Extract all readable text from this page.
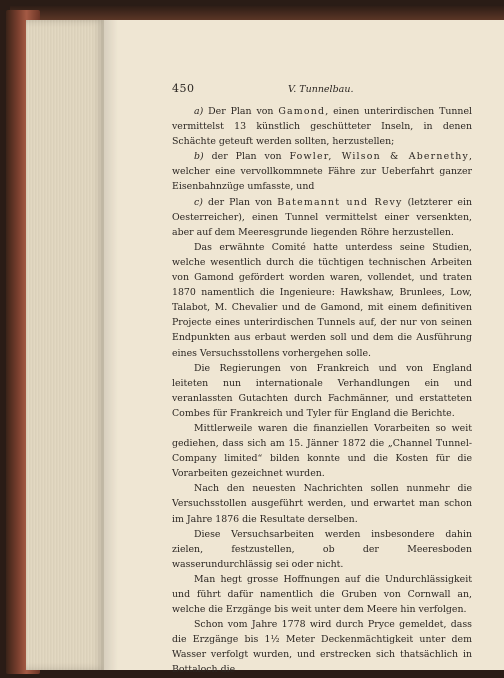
450	V. Tunnelbau.

a) Der Plan von Gamond, einen unterirdischen Tunnel vermittelst 13 künstlich geschütteter Inseln, in denen Schächte geteuft werden sollten, herzustellen;

b) der Plan von Fowler, Wilson & Abernethy, welcher eine vervollkommnete Fähre zur Ueberfahrt ganzer Eisenbahnzüge umfasste, und

c) der Plan von Batemannt und Revy (letzterer ein Oesterreicher), einen Tunnel vermittelst einer versenkten, aber auf dem Meeresgrunde liegenden Röhre herzustellen.

Das erwähnte Comité hatte unterdess seine Studien, welche wesentlich durch die tüchtigen technischen Arbeiten von Gamond gefördert worden waren, vollendet, und traten 1870 namentlich die Ingenieure: Hawkshaw, Brunlees, Low, Talabot, M. Chevalier und de Gamond, mit einem definitiven Projecte eines unterirdischen Tunnels auf, der nur von seinen Endpunkten aus erbaut werden soll und dem die Ausführung eines Versuchsstollens vorhergehen solle.

Die Regierungen von Frankreich und von England leiteten nun internationale Verhandlungen ein und veranlassten Gutachten durch Fachmänner, und erstatteten Combes für Frankreich und Tyler für England die Berichte.

Mittlerweile waren die finanziellen Vorarbeiten so weit gediehen, dass sich am 15. Jänner 1872 die „Channel Tunnel-Company limited“ bilden konnte und die Kosten für die Vorarbeiten gezeichnet wurden.

Nach den neuesten Nachrichten sollen nunmehr die Versuchsstollen ausgeführt werden, und erwartet man schon im Jahre 1876 die Resultate derselben.

Diese Versuchsarbeiten werden insbesondere dahin zielen, festzustellen, ob der Meeresboden wasserundurchlässig sei oder nicht.

Man hegt grosse Hoffnungen auf die Undurchlässigkeit und führt dafür namentlich die Gruben von Cornwall an, welche die Erzgänge bis weit unter dem Meere hin verfolgen.

Schon vom Jahre 1778 wird durch Pryce gemeldet, dass die Erzgänge bis 1½ Meter Deckenmächtigkeit unter dem Wasser verfolgt wurden, und erstrecken sich thatsächlich in Bottaloch die
